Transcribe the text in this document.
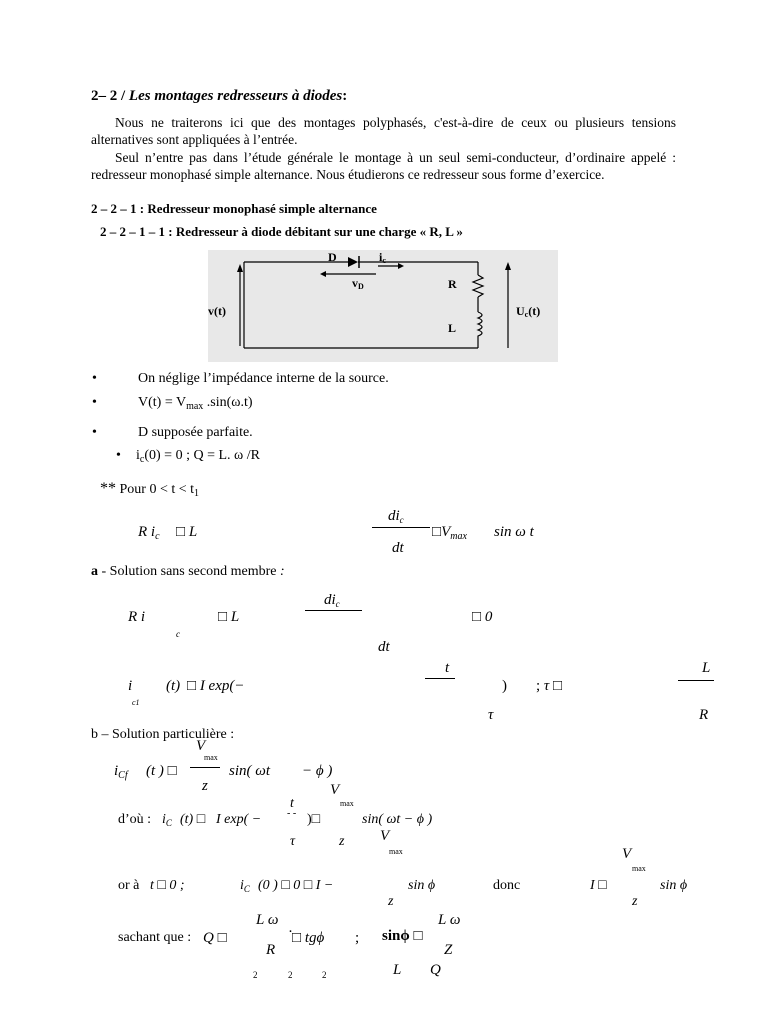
2– 2 / Les montages redresseurs à diodes:
Nous ne traiterons ici que des montages polyphasés, c'est-à-dire de ceux ou plusieurs tensions alternatives sont appliquées à l’entrée.
Seul n’entre pas dans l’étude générale le montage à un seul semi-conducteur, d’ordinaire appelé : redresseur monophasé simple alternance. Nous étudierons ce redresseur sous forme d’exercice.
2 – 2 – 1 : Redresseur monophasé simple alternance
2 – 2 – 1 – 1 : Redresseur à diode débitant sur une charge « R, L »
v(t)
D	ic
vD	R
L
Uc(t)
•	On néglige l’impédance interne de la source.
•	$V(t) = V_{max}$ .sin(ω.t)
•	D supposée parfaite.
• $i_c(0) = 0$ ; Q = L. ω /R
** Pour $0 < t < t_1$
R $i_c$ □ L
$di_c$
dt
$□V_{max}$ sin ω t
a - Solution sans second membre :
R i
c
□ L
$di_c$
dt
□ 0
i
c1
(t) □ I exp(−
t
τ
) ; τ □
L
R
b – Solution particulière :
$i_{Cf}$ (t ) □
V
max
z
sin( ωt − ϕ )
d’où : $i_C$ (t) □ I exp( −
t
- -
τ
)□
V
max
z
sin( ωt − ϕ )
V
max	V
max
or à t □ 0 ;	$i_C$ (0 ) □ 0 □ I −
z
sin ϕ	donc	I □
z
sin ϕ
L ω	L ω
sachant que : Q □
R
· □ tgϕ ; sinϕ □
Z
2	2	2	L Q
